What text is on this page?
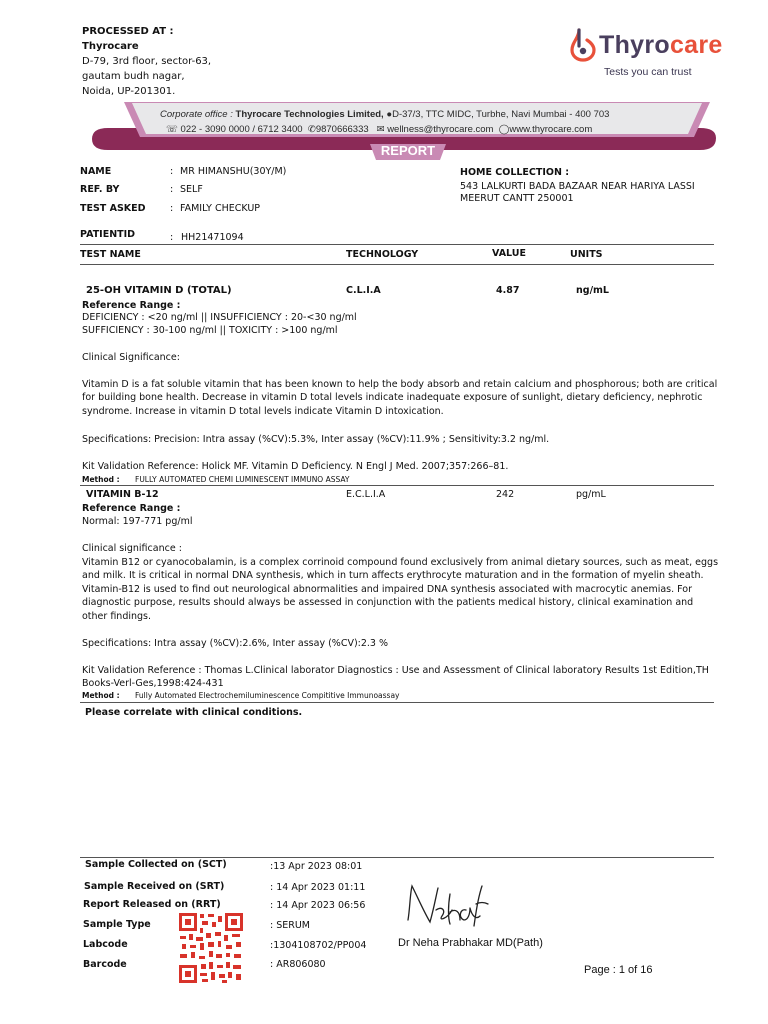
PROCESSED AT :
Thyrocare
D-79, 3rd floor, sector-63,
gautam budh nagar,
Noida, UP-201301.
Thyrocare
Tests you can trust
Corporate office : Thyrocare Technologies Limited, ●D-37/3, TTC MIDC, Turbhe, Navi Mumbai - 400 703
☏ 022 - 3090 0000 / 6712 3400 ✆9870666333 ✉ wellness@thyrocare.com ◯www.thyrocare.com
REPORT
NAME	: MR HIMANSHU(30Y/M)
REF. BY	: SELF
TEST ASKED	: FAMILY CHECKUP
PATIENTID	: HH21471094
HOME COLLECTION :
543 LALKURTI BADA BAZAAR NEAR HARIYA LASSI
MEERUT CANTT 250001
TEST NAME	TECHNOLOGY	VALUE	UNITS
25-OH VITAMIN D (TOTAL)	C.L.I.A	4.87	ng/mL
Reference Range :
DEFICIENCY : <20 ng/ml || INSUFFICIENCY : 20-<30 ng/ml
SUFFICIENCY : 30-100 ng/ml || TOXICITY : >100 ng/ml
Clinical Significance:
Vitamin D is a fat soluble vitamin that has been known to help the body absorb and retain calcium and phosphorous; both are critical
for building bone health. Decrease in vitamin D total levels indicate inadequate exposure of sunlight, dietary deficiency, nephrotic
syndrome. Increase in vitamin D total levels indicate Vitamin D intoxication.
Specifications: Precision: Intra assay (%CV):5.3%, Inter assay (%CV):11.9% ; Sensitivity:3.2 ng/ml.
Kit Validation Reference: Holick MF. Vitamin D Deficiency. N Engl J Med. 2007;357:266–81.
Method : FULLY AUTOMATED CHEMI LUMINESCENT IMMUNO ASSAY
VITAMIN B-12	E.C.L.I.A	242	pg/mL
Reference Range :
Normal: 197-771 pg/ml
Clinical significance :
Vitamin B12 or cyanocobalamin, is a complex corrinoid compound found exclusively from animal dietary sources, such as meat, eggs
and milk. It is critical in normal DNA synthesis, which in turn affects erythrocyte maturation and in the formation of myelin sheath.
Vitamin-B12 is used to find out neurological abnormalities and impaired DNA synthesis associated with macrocytic anemias. For
diagnostic purpose, results should always be assessed in conjunction with the patients medical history, clinical examination and
other findings.
Specifications: Intra assay (%CV):2.6%, Inter assay (%CV):2.3 %
Kit Validation Reference : Thomas L.Clinical laborator Diagnostics : Use and Assessment of Clinical laboratory Results 1st Edition,TH
Books-Verl-Ges,1998:424-431
Method : Fully Automated Electrochemiluminescence Compititive Immunoassay
Please correlate with clinical conditions.
Sample Collected on (SCT)	:13 Apr 2023 08:01
Sample Received on (SRT)	: 14 Apr 2023 01:11
Report Released on (RRT)	: 14 Apr 2023 06:56
Sample Type	: SERUM
Labcode	:1304108702/PP004
Barcode	: AR806080
Dr Neha Prabhakar MD(Path)
Page : 1 of 16
